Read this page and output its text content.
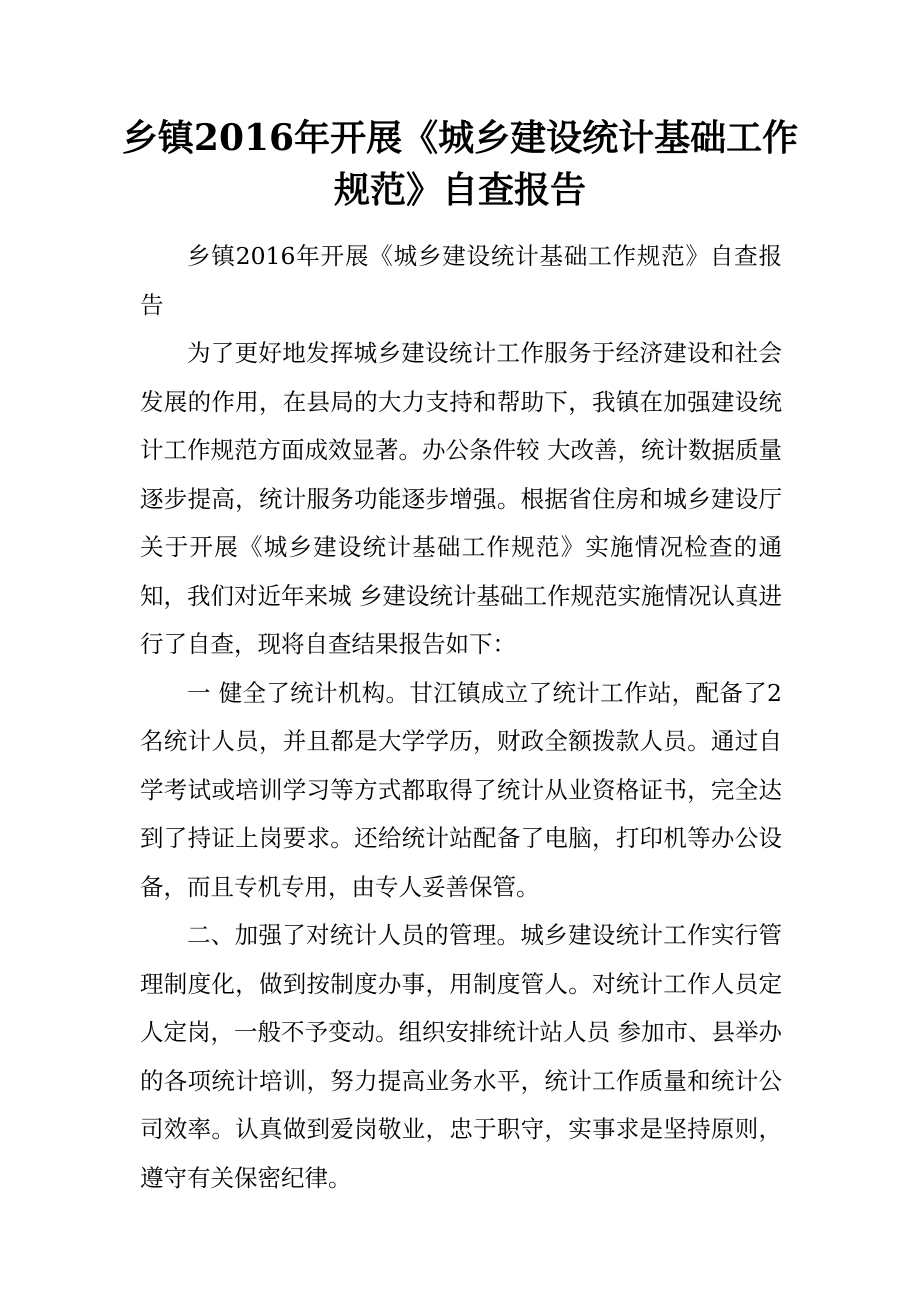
乡镇2016年开展《城乡建设统计基础工作规范》自查报告

乡镇2016年开展《城乡建设统计基础工作规范》自查报告

为了更好地发挥城乡建设统计工作服务于经济建设和社会发展的作用，在县局的大力支持和帮助下，我镇在加强建设统计工作规范方面成效显著。办公条件较 大改善，统计数据质量逐步提高，统计服务功能逐步增强。根据省住房和城乡建设厅关于开展《城乡建设统计基础工作规范》实施情况检查的通知，我们对近年来城 乡建设统计基础工作规范实施情况认真进行了自查，现将自查结果报告如下：

一 健全了统计机构。甘江镇成立了统计工作站，配备了2名统计人员，并且都是大学学历，财政全额拨款人员。通过自学考试或培训学习等方式都取得了统计从业资格证书，完全达到了持证上岗要求。还给统计站配备了电脑，打印机等办公设备，而且专机专用，由专人妥善保管。

二、加强了对统计人员的管理。城乡建设统计工作实行管理制度化，做到按制度办事，用制度管人。对统计工作人员定人定岗，一般不予变动。组织安排统计站人员 参加市、县举办的各项统计培训，努力提高业务水平，统计工作质量和统计公司效率。认真做到爱岗敬业，忠于职守，实事求是坚持原则，遵守有关保密纪律。
